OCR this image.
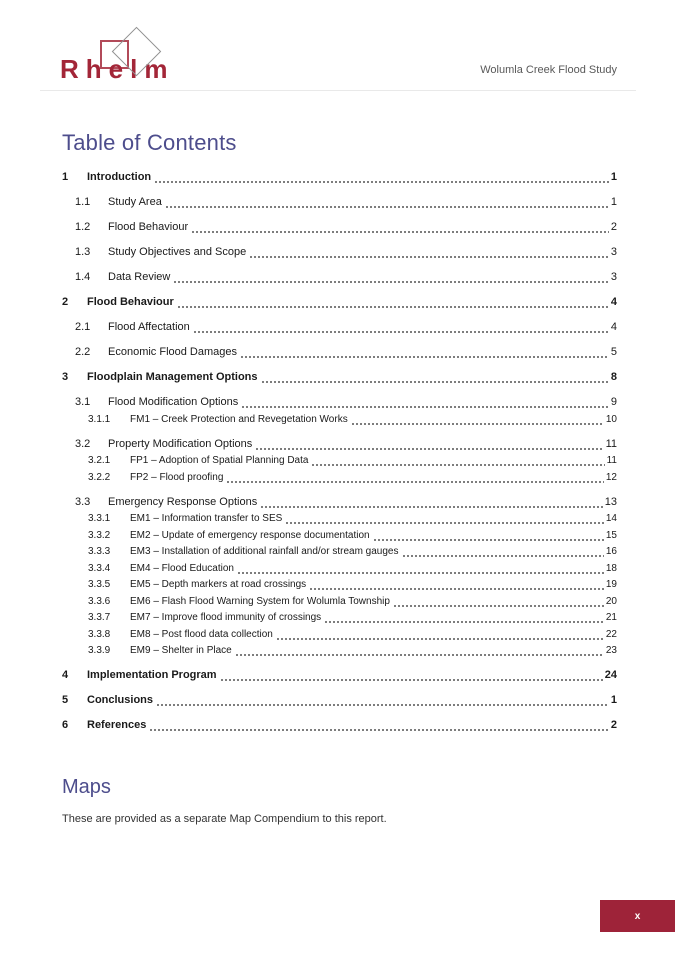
Rhelm	Wolumla Creek Flood Study
Table of Contents
1	Introduction	1
1.1	Study Area	1
1.2	Flood Behaviour	2
1.3	Study Objectives and Scope	3
1.4	Data Review	3
2	Flood Behaviour	4
2.1	Flood Affectation	4
2.2	Economic Flood Damages	5
3	Floodplain Management Options	8
3.1	Flood Modification Options	9
3.1.1	FM1 – Creek Protection and Revegetation Works	10
3.2	Property Modification Options	11
3.2.1	FP1 – Adoption of Spatial Planning Data	11
3.2.2	FP2 – Flood proofing	12
3.3	Emergency Response Options	13
3.3.1	EM1 – Information transfer to SES	14
3.3.2	EM2 – Update of emergency response documentation	15
3.3.3	EM3 – Installation of additional rainfall and/or stream gauges	16
3.3.4	EM4 – Flood Education	18
3.3.5	EM5 – Depth markers at road crossings	19
3.3.6	EM6 – Flash Flood Warning System for Wolumla Township	20
3.3.7	EM7 – Improve flood immunity of crossings	21
3.3.8	EM8 – Post flood data collection	22
3.3.9	EM9 – Shelter in Place	23
4	Implementation Program	24
5	Conclusions	1
6	References	2
Maps

These are provided as a separate Map Compendium to this report.

x
